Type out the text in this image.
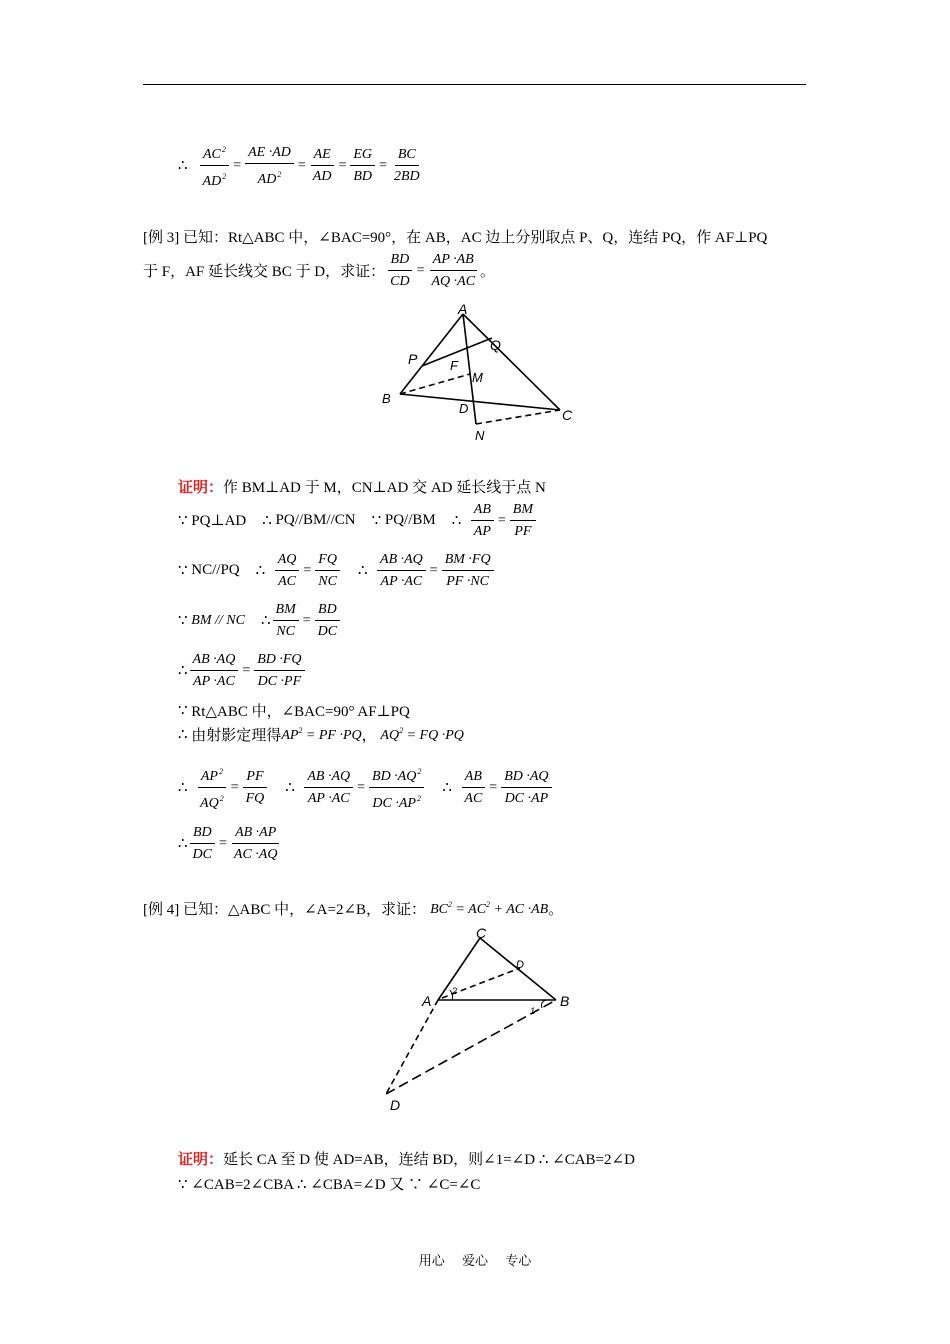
∴ $\frac{AC^2}{AD^2} = \frac{AE \cdot AD}{AD^2} = \frac{AE}{AD} = \frac{EG}{BD} = \frac{BC}{2BD}$
[例 3] 已知：Rt△ABC 中，∠BAC=90°，在 AB，AC 边上分别取点 P、Q，连结 PQ，作 AF⊥PQ
于 F，AF 延长线交 BC 于 D，求证： $\frac{BD}{CD} = \frac{AP \cdot AB}{AQ \cdot AC}$ 。
A
B
C
P
Q
F
M
D
N
证明： 作 BM⊥AD 于 M，CN⊥AD 交 AD 延长线于点 N
∵
PQ⊥AD ∴
PQ//BM//CN ∵
PQ//BM ∴
$\frac{AB}{AP} = \frac{BM}{PF}$
∵
NC//PQ ∴
$\frac{AQ}{AC} = \frac{FQ}{NC}$ ∴
$\frac{AB \cdot AQ}{AP \cdot AC} = \frac{BM \cdot FQ}{PF \cdot NC}$
∵
BM // NC ∴ $\frac{BM}{NC} = \frac{BD}{DC}$
∴ $\frac{AB \cdot AQ}{AP \cdot AC} = \frac{BD \cdot FQ}{DC \cdot PF}$
∵
Rt△ABC 中，∠BAC=90° AF⊥PQ
∴
由射影定理得 $AP^2$ = PF ·PQ ，
$AQ^2$ = FQ ·PQ
∴
$\frac{AP^2}{AQ^2} = \frac{PF}{FQ}$ ∴
$\frac{AB \cdot AQ}{AP \cdot AC} = \frac{BD \cdot AQ^2}{DC \cdot AP^2}$ ∴
$\frac{AB}{AC} = \frac{BD \cdot AQ}{DC \cdot AP}$
∴ $\frac{BD}{DC} = \frac{AB \cdot AP}{AC \cdot AQ}$
[例 4] 已知：△ABC 中，∠A=2∠B，求证： $BC^2 = AC^2$ + AC ·AB 。
C
A	B
D
D
2
1
证明： 延长 CA 至 D 使 AD=AB，连结 BD，则∠1=∠D ∴ ∠CAB=2∠D
∵ ∠CAB=2∠CBA ∴ ∠CBA=∠D 又 ∵ ∠C=∠C
用心 爱心 专心
